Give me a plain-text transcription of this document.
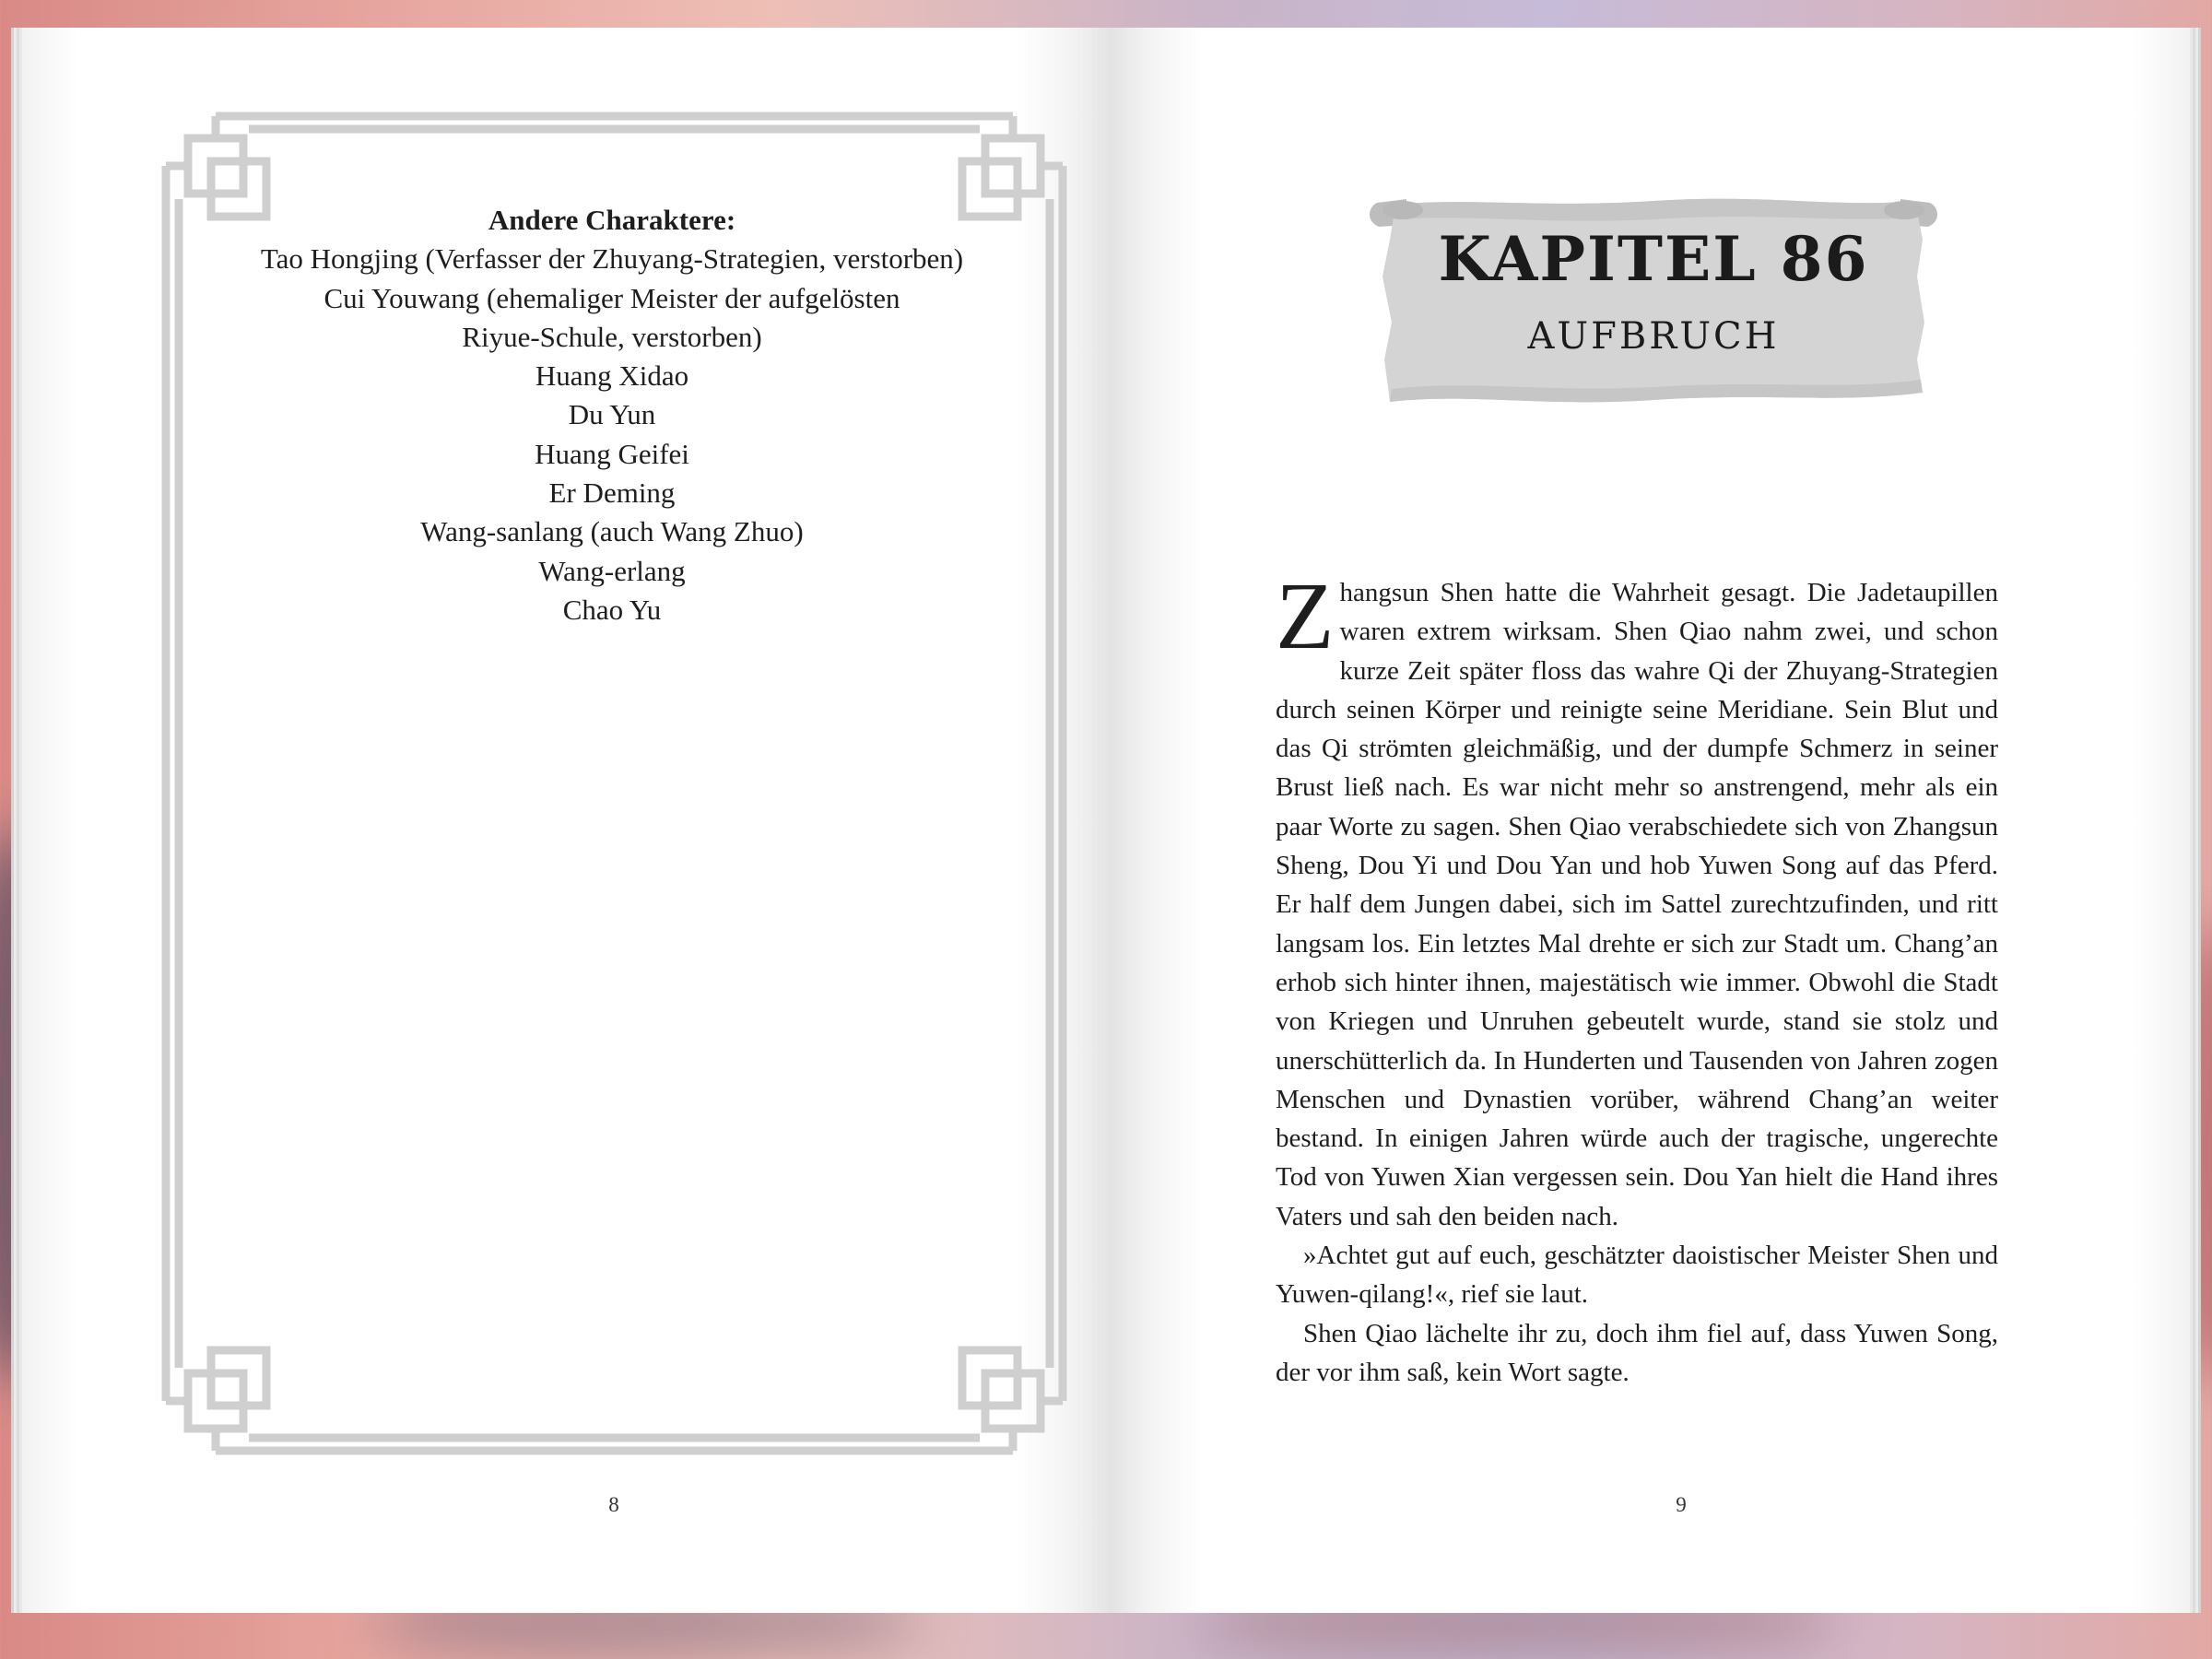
Andere Charaktere:
Tao Hongjing (Verfasser der Zhuyang-Strategien, verstorben)
Cui Youwang (ehemaliger Meister der aufgelösten
Riyue-Schule, verstorben)
Huang Xidao
Du Yun
Huang Geifei
Er Deming
Wang-sanlang (auch Wang Zhuo)
Wang-erlang
Chao Yu
8
KAPITEL 86
AUFBRUCH

Zhangsun Shen hatte die Wahrheit gesagt. Die Jadetaupillen waren extrem wirksam. Shen Qiao nahm zwei, und schon kurze Zeit später floss das wahre Qi der Zhuyang-Strategien durch seinen Körper und reinigte seine Meridiane. Sein Blut und das Qi strömten gleichmäßig, und der dumpfe Schmerz in seiner Brust ließ nach. Es war nicht mehr so anstrengend, mehr als ein paar Worte zu sagen. Shen Qiao verabschiedete sich von Zhangsun Sheng, Dou Yi und Dou Yan und hob Yuwen Song auf das Pferd. Er half dem Jungen dabei, sich im Sattel zurechtzufinden, und ritt langsam los. Ein letztes Mal drehte er sich zur Stadt um. Chang’an erhob sich hinter ihnen, majestätisch wie immer. Obwohl die Stadt von Kriegen und Unruhen gebeutelt wurde, stand sie stolz und unerschütterlich da. In Hunderten und Tausenden von Jahren zogen Menschen und Dynastien vorüber, während Chang’an weiter bestand. In einigen Jahren würde auch der tragische, ungerechte Tod von Yuwen Xian vergessen sein. Dou Yan hielt die Hand ihres Vaters und sah den beiden nach.

»Achtet gut auf euch, geschätzter daoistischer Meister Shen und Yuwen-qilang!«, rief sie laut.

Shen Qiao lächelte ihr zu, doch ihm fiel auf, dass Yuwen Song, der vor ihm saß, kein Wort sagte.

9
